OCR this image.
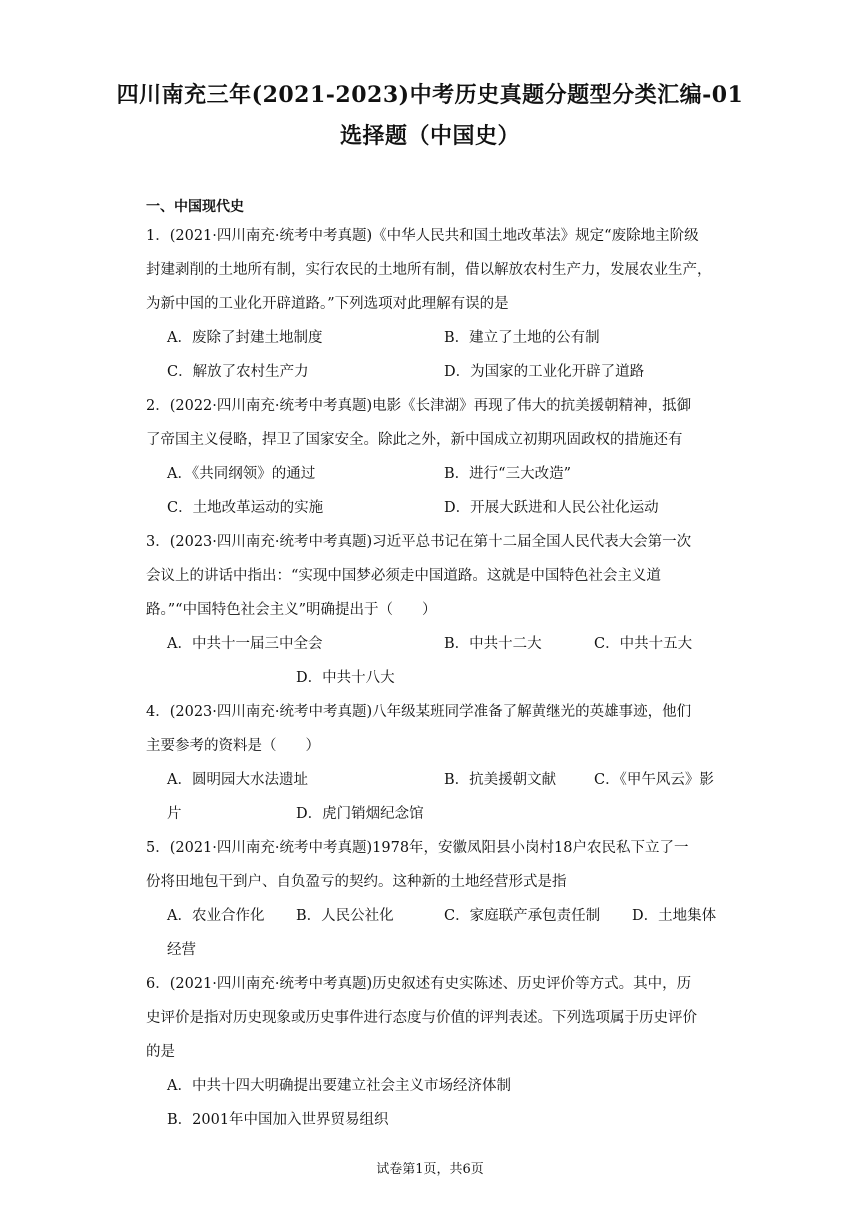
四川南充三年(2021-2023)中考历史真题分题型分类汇编-01
选择题（中国史）
一、中国现代史
1．(2021·四川南充·统考中考真题)《中华人民共和国土地改革法》规定“废除地主阶级
封建剥削的土地所有制，实行农民的土地所有制，借以解放农村生产力，发展农业生产，
为新中国的工业化开辟道路。”下列选项对此理解有误的是
A．废除了封建土地制度	B．建立了土地的公有制
C．解放了农村生产力	D．为国家的工业化开辟了道路
2．(2022·四川南充·统考中考真题)电影《长津湖》再现了伟大的抗美援朝精神，抵御
了帝国主义侵略，捍卫了国家安全。除此之外，新中国成立初期巩固政权的措施还有
A．《共同纲领》的通过	B．进行“三大改造”
C．土地改革运动的实施	D．开展大跃进和人民公社化运动
3．(2023·四川南充·统考中考真题)习近平总书记在第十二届全国人民代表大会第一次
会议上的讲话中指出：“实现中国梦必须走中国道路。这就是中国特色社会主义道
路。”“中国特色社会主义”明确提出于（　　）
A．中共十一届三中全会	B．中共十二大	C．中共十五大
D．中共十八大
4．(2023·四川南充·统考中考真题)八年级某班同学准备了解黄继光的英雄事迹，他们
主要参考的资料是（　　）
A．圆明园大水法遗址	B．抗美援朝文献	C．《甲午风云》影
片	D．虎门销烟纪念馆
5．(2021·四川南充·统考中考真题)1978年，安徽凤阳县小岗村18户农民私下立了一
份将田地包干到户、自负盈亏的契约。这种新的土地经营形式是指
A．农业合作化 B．人民公社化	C．家庭联产承包责任制 D．土地集体
经营
6．(2021·四川南充·统考中考真题)历史叙述有史实陈述、历史评价等方式。其中，历
史评价是指对历史现象或历史事件进行态度与价值的评判表述。下列选项属于历史评价
的是
A．中共十四大明确提出要建立社会主义市场经济体制
B．2001年中国加入世界贸易组织
试卷第1页，共6页
